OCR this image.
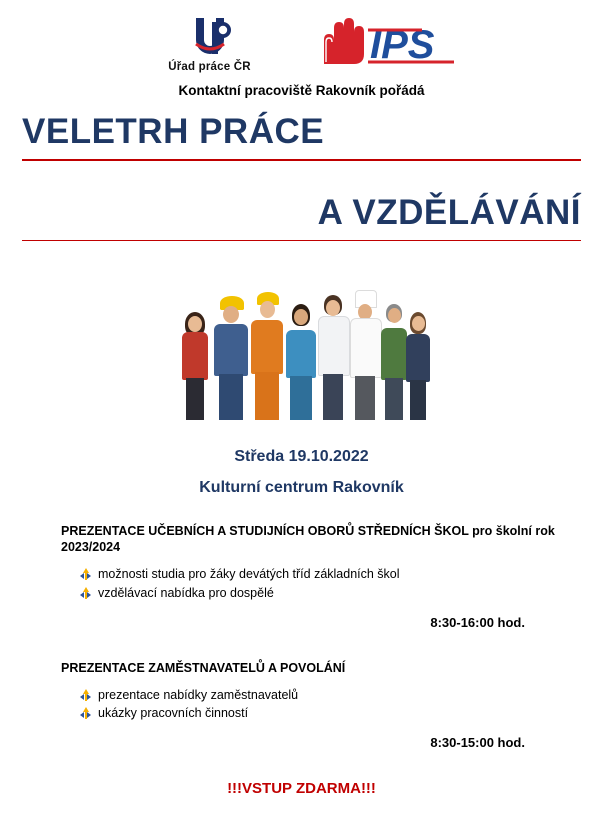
Úřad práce ČR	IPS
Kontaktní pracoviště Rakovník pořádá
VELETRH PRÁCE
A VZDĚLÁVÁNÍ
Středa 19.10.2022
Kulturní centrum Rakovník
PREZENTACE UČEBNÍCH A STUDIJNÍCH OBORŮ STŘEDNÍCH ŠKOL pro školní rok 2023/2024
možnosti studia pro žáky devátých tříd základních škol
vzdělávací nabídka pro dospělé
8:30-16:00 hod.
PREZENTACE ZAMĚSTNAVATELŮ A POVOLÁNÍ
prezentace nabídky zaměstnavatelů
ukázky pracovních činností
8:30-15:00 hod.
!!!VSTUP ZDARMA!!!
